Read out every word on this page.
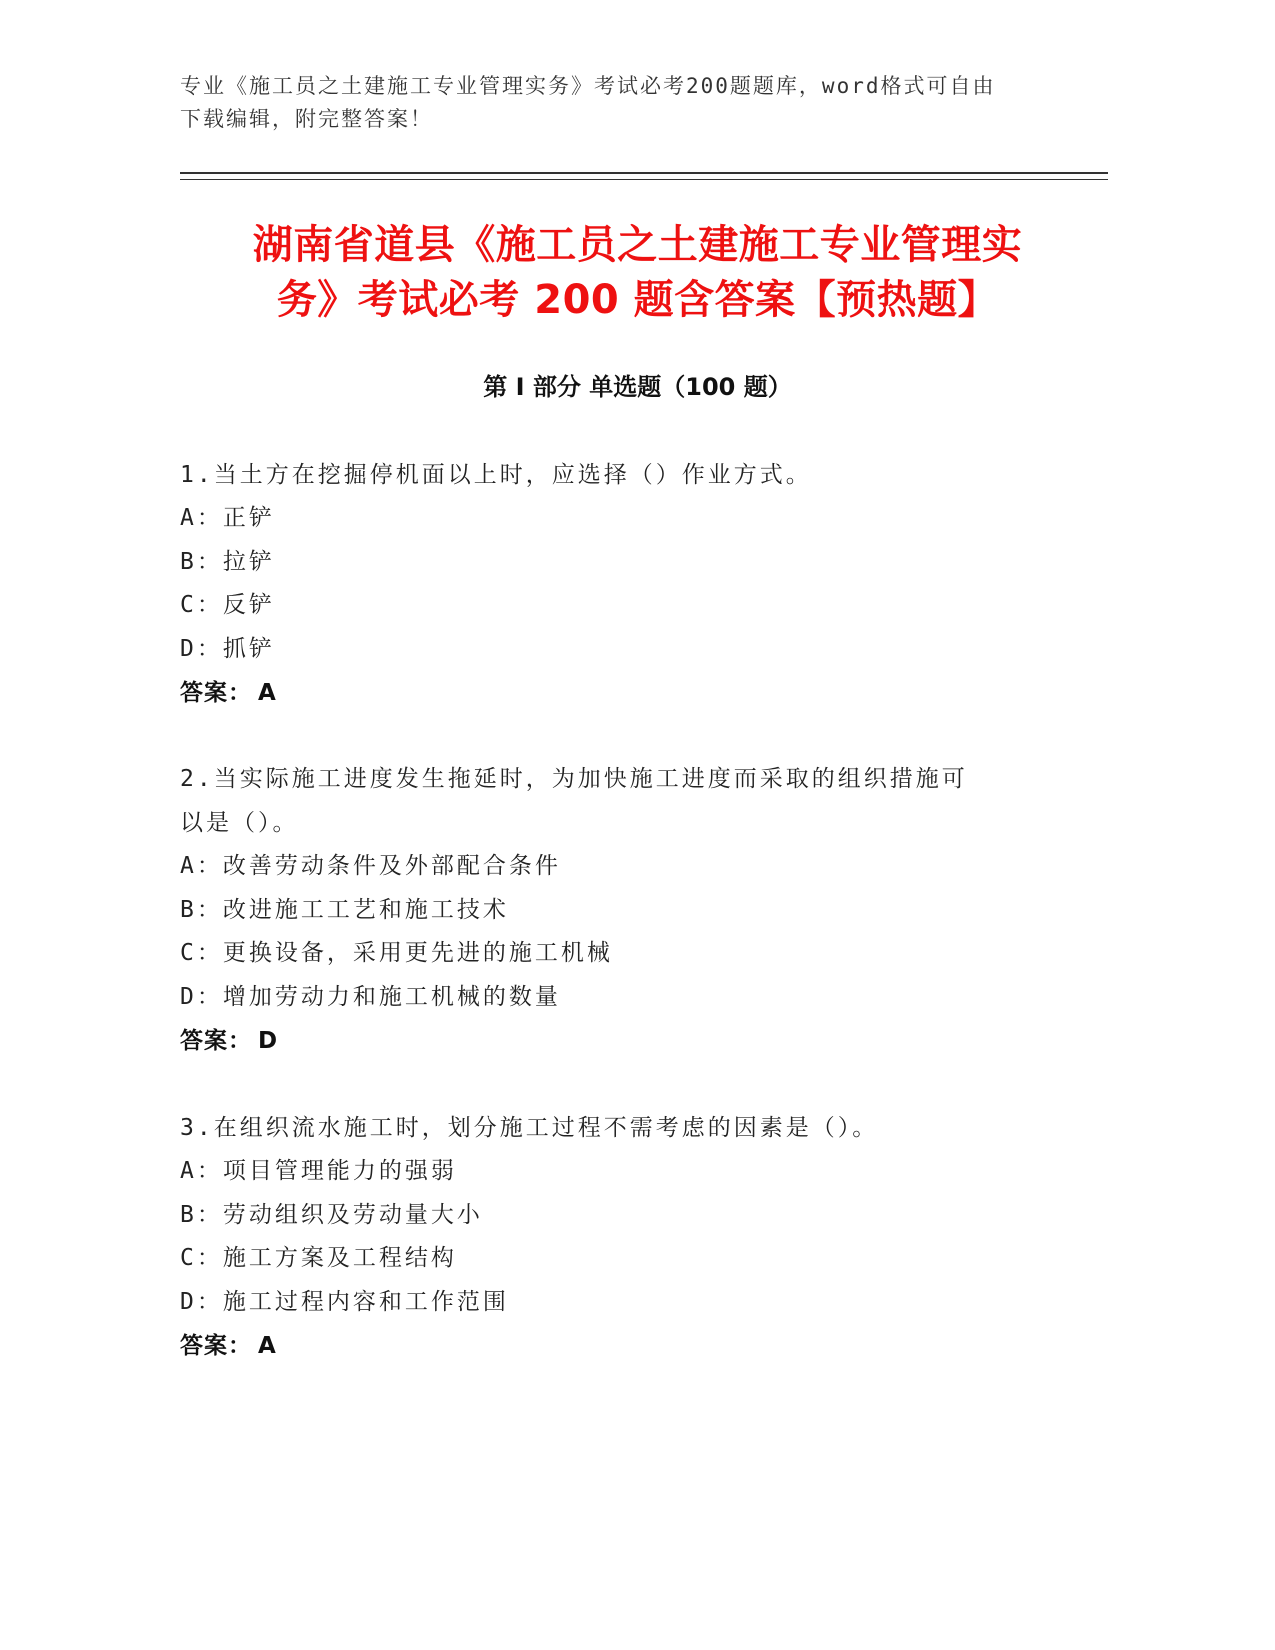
专业《施工员之土建施工专业管理实务》考试必考200题题库，word格式可自由
下载编辑，附完整答案！
湖南省道县《施工员之土建施工专业管理实
务》考试必考 200 题含答案【预热题】
第 I 部分 单选题（100 题）
1.当土方在挖掘停机面以上时，应选择（）作业方式。
A：正铲
B：拉铲
C：反铲
D：抓铲
答案： A
2.当实际施工进度发生拖延时，为加快施工进度而采取的组织措施可
以是（）。
A：改善劳动条件及外部配合条件
B：改进施工工艺和施工技术
C：更换设备，采用更先进的施工机械
D：增加劳动力和施工机械的数量
答案： D
3.在组织流水施工时，划分施工过程不需考虑的因素是（）。
A：项目管理能力的强弱
B：劳动组织及劳动量大小
C：施工方案及工程结构
D：施工过程内容和工作范围
答案： A
